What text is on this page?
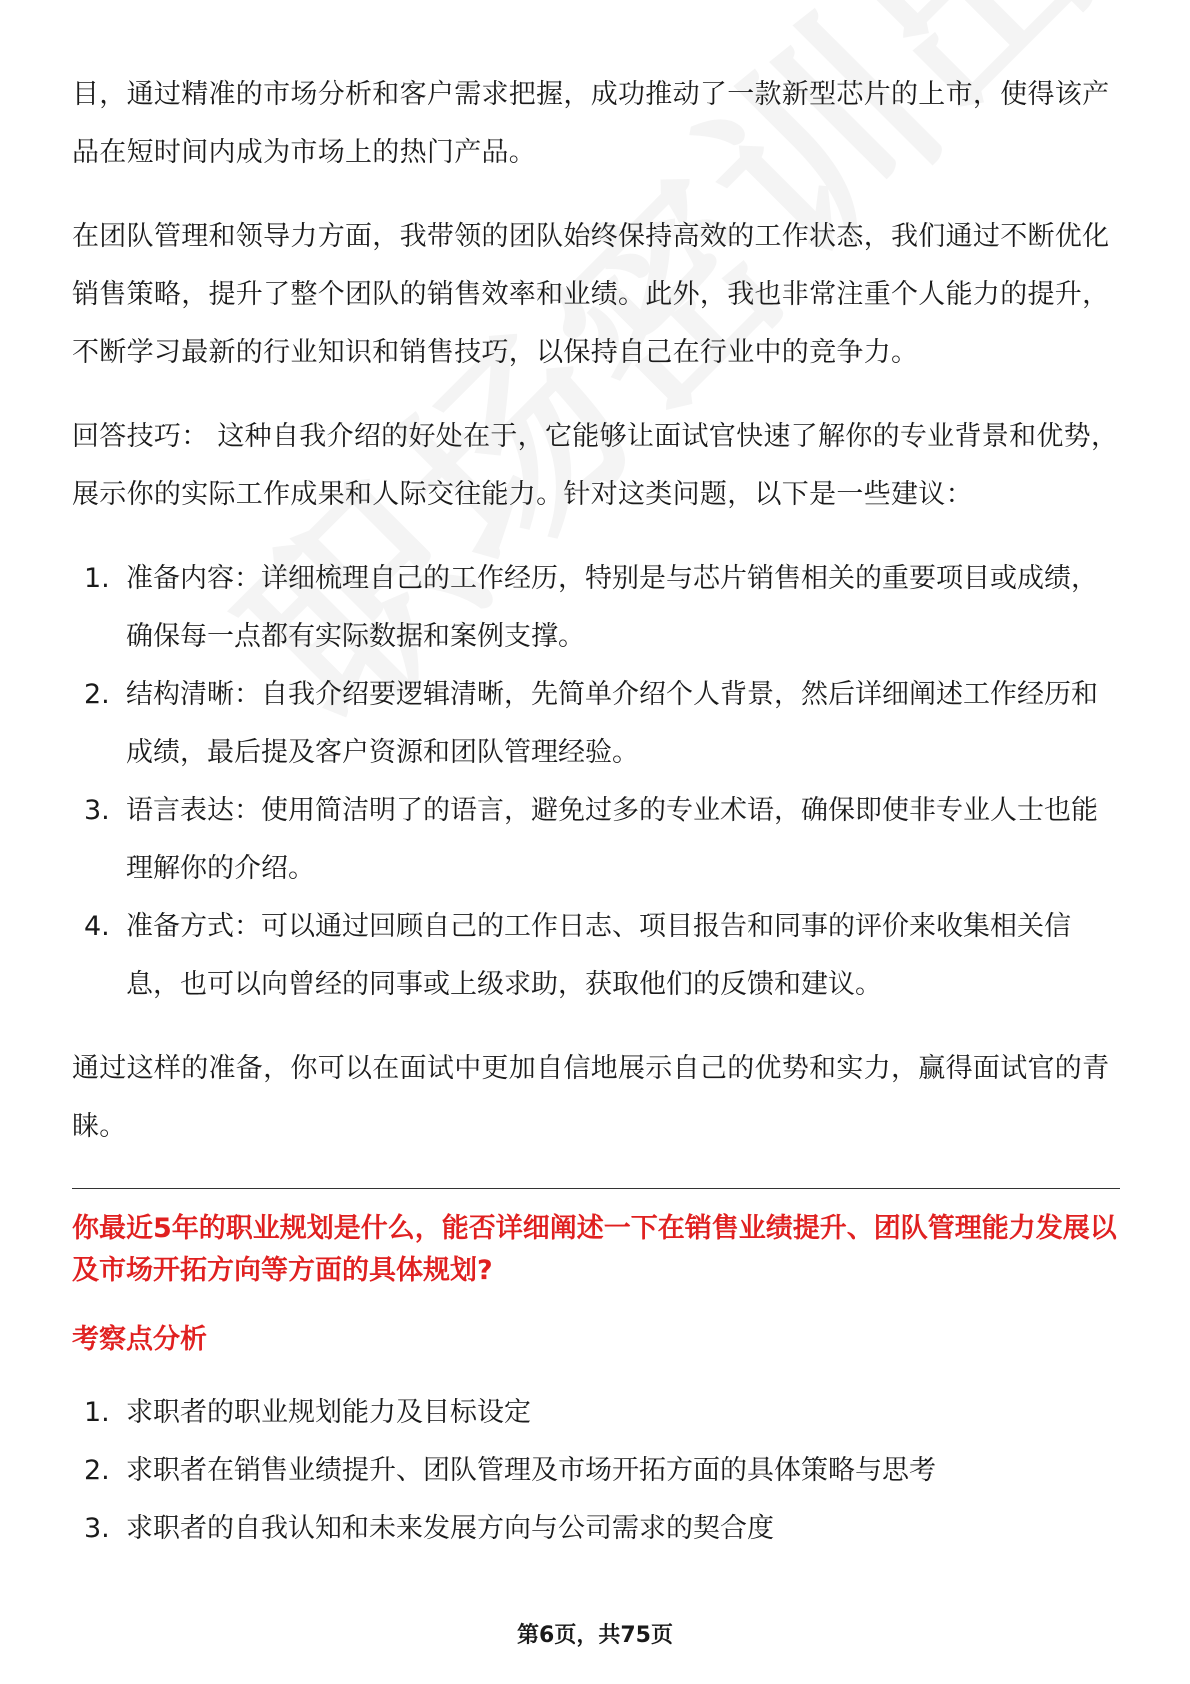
目，通过精准的市场分析和客户需求把握，成功推动了一款新型芯片的上市，使得该产品在短时间内成为市场上的热门产品。

在团队管理和领导力方面，我带领的团队始终保持高效的工作状态，我们通过不断优化销售策略，提升了整个团队的销售效率和业绩。此外，我也非常注重个人能力的提升，不断学习最新的行业知识和销售技巧，以保持自己在行业中的竞争力。

回答技巧： 这种自我介绍的好处在于，它能够让面试官快速了解你的专业背景和优势，展示你的实际工作成果和人际交往能力。针对这类问题，以下是一些建议：

1. 准备内容：详细梳理自己的工作经历，特别是与芯片销售相关的重要项目或成绩，确保每一点都有实际数据和案例支撑。
2. 结构清晰：自我介绍要逻辑清晰，先简单介绍个人背景，然后详细阐述工作经历和成绩，最后提及客户资源和团队管理经验。
3. 语言表达：使用简洁明了的语言，避免过多的专业术语，确保即使非专业人士也能理解你的介绍。
4. 准备方式：可以通过回顾自己的工作日志、项目报告和同事的评价来收集相关信息，也可以向曾经的同事或上级求助，获取他们的反馈和建议。

通过这样的准备，你可以在面试中更加自信地展示自己的优势和实力，赢得面试官的青睐。

你最近5年的职业规划是什么，能否详细阐述一下在销售业绩提升、团队管理能力发展以及市场开拓方向等方面的具体规划?
考察点分析
1. 求职者的职业规划能力及目标设定
2. 求职者在销售业绩提升、团队管理及市场开拓方面的具体策略与思考
3. 求职者的自我认知和未来发展方向与公司需求的契合度
第6页，共75页
